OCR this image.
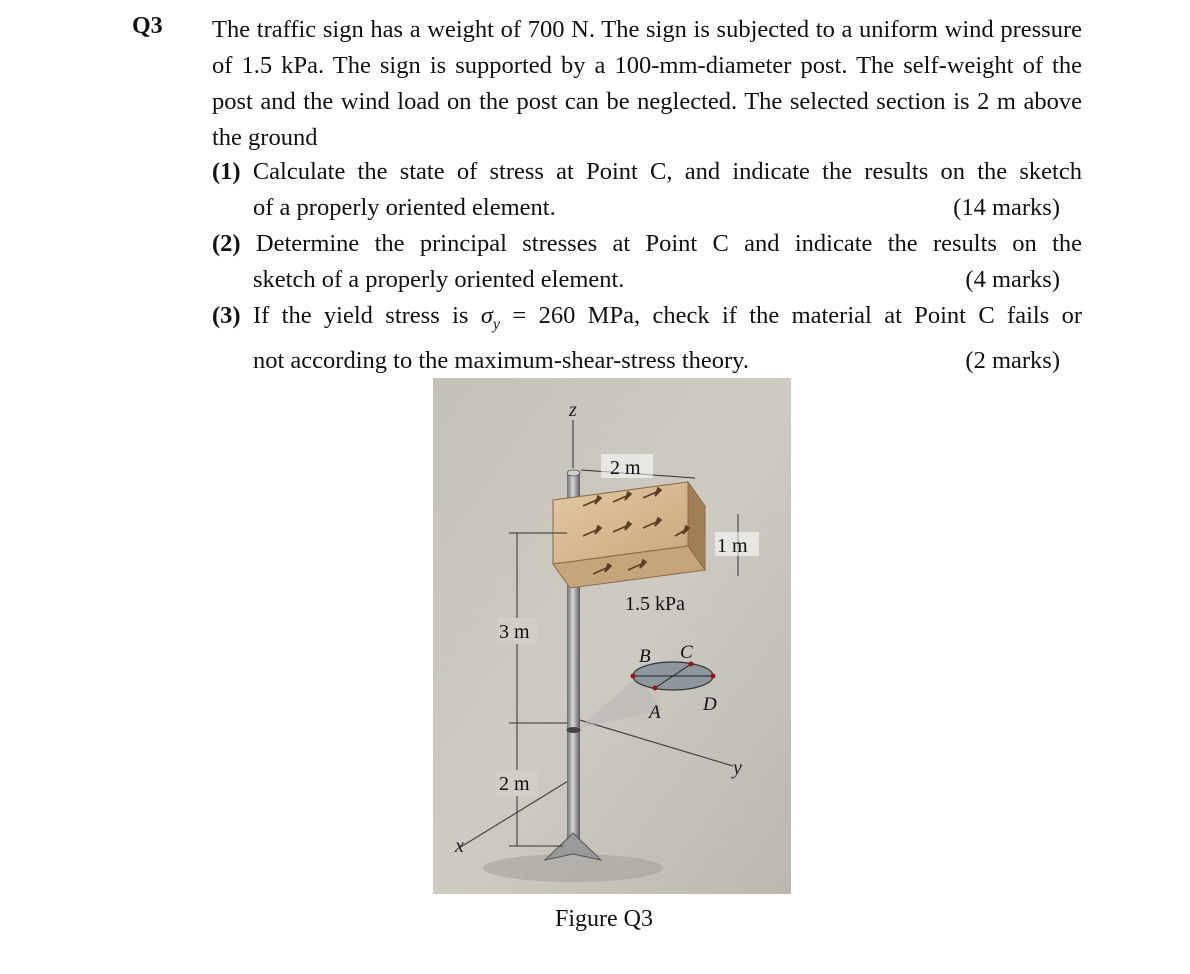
Q3 The traffic sign has a weight of 700 N. The sign is subjected to a uniform wind pressure of 1.5 kPa. The sign is supported by a 100-mm-diameter post. The self-weight of the post and the wind load on the post can be neglected. The selected section is 2 m above the ground
(1) Calculate the state of stress at Point C, and indicate the results on the sketch
of a properly oriented element.	(14 marks)
(2) Determine the principal stresses at Point C and indicate the results on the
sketch of a properly oriented element.	(4 marks)
(3) If the yield stress is $\sigma_y = 260$ MPa, check if the material at Point C fails or
not according to the maximum-shear-stress theory.	(2 marks)
2 m
1 m
1.5 kPa
3 m
2 m
A
B C
D
z
x
y
Figure Q3
